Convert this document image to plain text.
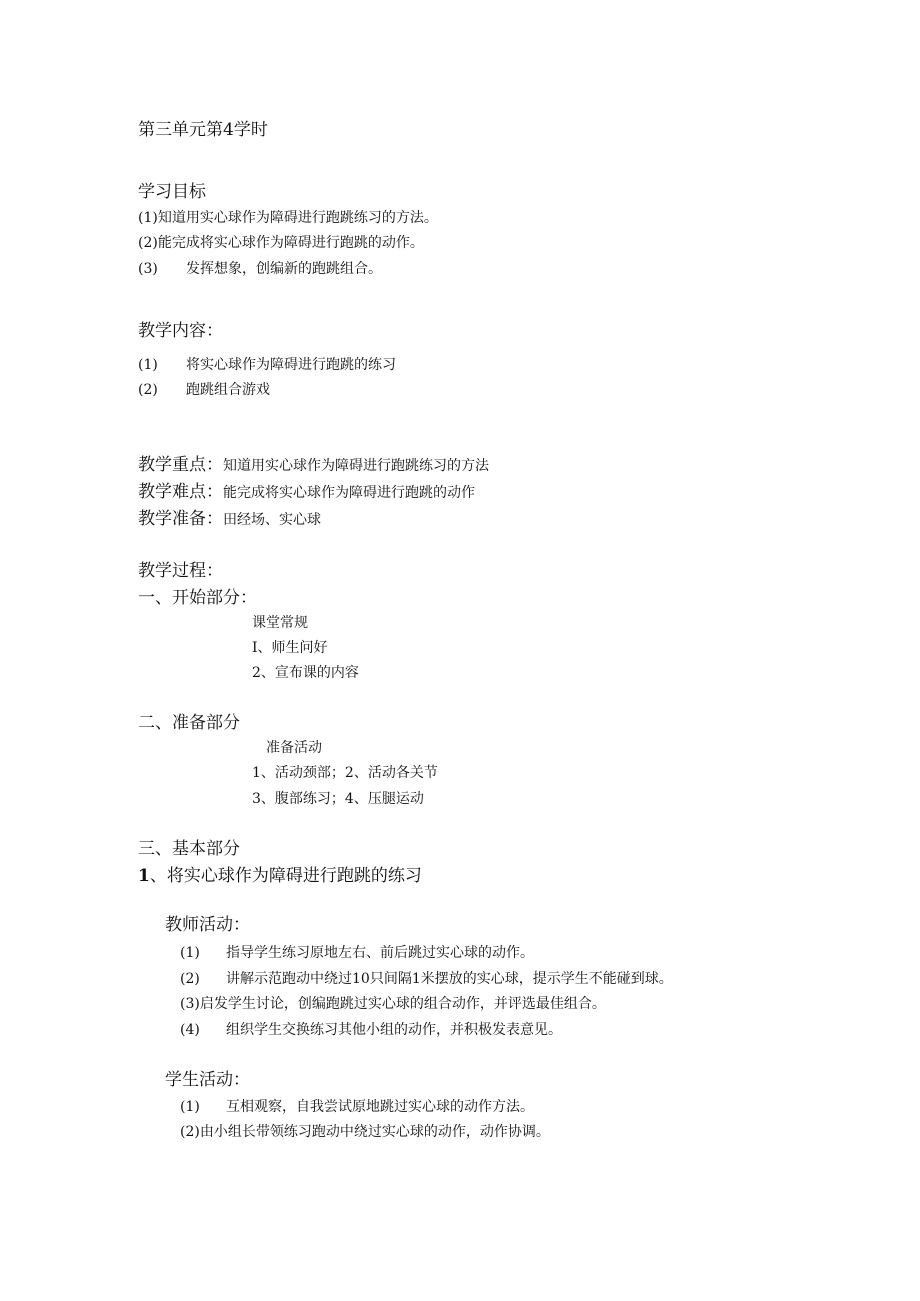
第三单元第4学时
学习目标
(1)知道用实心球作为障碍进行跑跳练习的方法。
(2)能完成将实心球作为障碍进行跑跳的动作。
(3) 发挥想象，创编新的跑跳组合。
教学内容：
(1) 将实心球作为障碍进行跑跳的练习
(2) 跑跳组合游戏
教学重点：知道用实心球作为障碍进行跑跳练习的方法
教学难点：能完成将实心球作为障碍进行跑跳的动作
教学准备：田经场、实心球
教学过程：
一、开始部分：
课堂常规
I、师生问好
2、宣布课的内容
二、准备部分
准备活动
1、活动颈部；2、活动各关节
3、腹部练习；4、压腿运动
三、基本部分
1、将实心球作为障碍进行跑跳的练习
教师活动：
(1) 指导学生练习原地左右、前后跳过实心球的动作。
(2) 讲解示范跑动中绕过10只间隔1米摆放的实心球，提示学生不能碰到球。
(3)启发学生讨论，创编跑跳过实心球的组合动作，并评选最佳组合。
(4) 组织学生交换练习其他小组的动作，并积极发表意见。
学生活动：
(1) 互相观察，自我尝试原地跳过实心球的动作方法。
(2)由小组长带领练习跑动中绕过实心球的动作，动作协调。
